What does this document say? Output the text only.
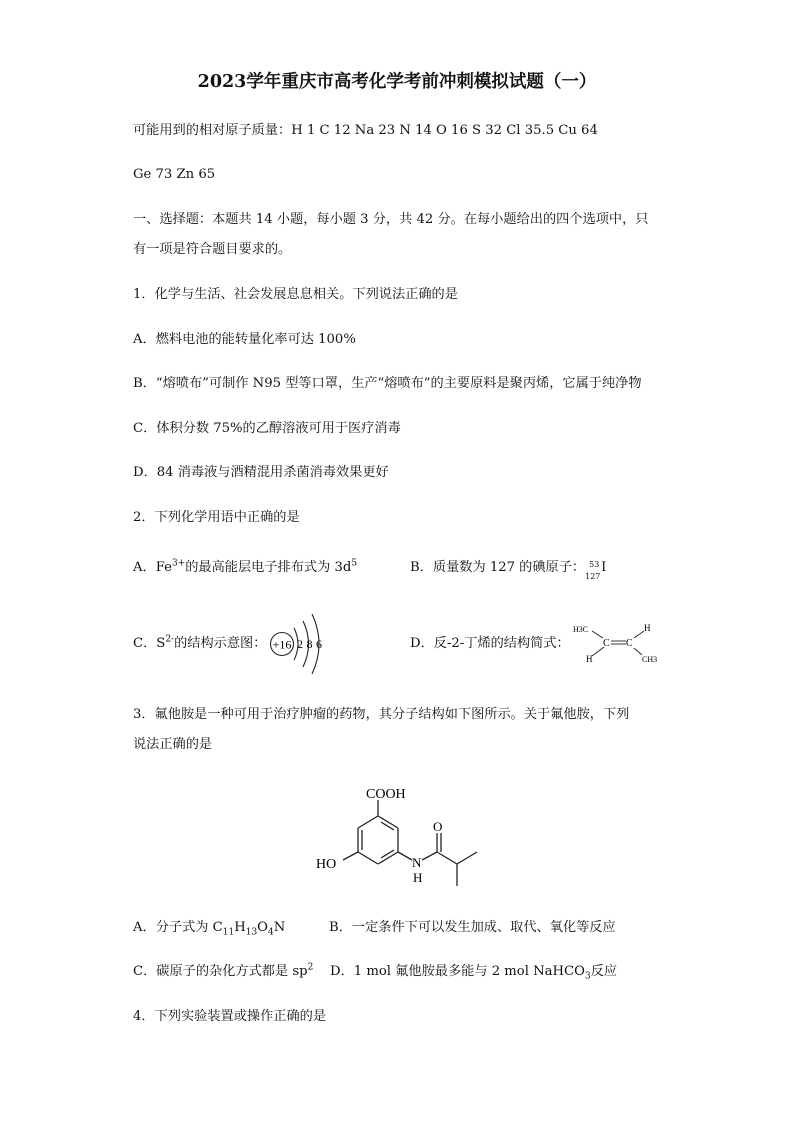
2023学年重庆市高考化学考前冲刺模拟试题（一）
可能用到的相对原子质量：H 1 C 12 Na 23 N 14 O 16 S 32 Cl 35.5 Cu 64
Ge 73 Zn 65
一、选择题：本题共 14 小题，每小题 3 分，共 42 分。在每小题给出的四个选项中，只
有一项是符合题目要求的。
1．化学与生活、社会发展息息相关。下列说法正确的是
A．燃料电池的能转量化率可达 100%
B．“熔喷布”可制作 N95 型等口罩，生产“熔喷布”的主要原料是聚丙烯，它属于纯净物
C．体积分数 75%的乙醇溶液可用于医疗消毒
D．84 消毒液与酒精混用杀菌消毒效果更好
2．下列化学用语中正确的是
A．$Fe^{3+}$的最高能层电子排布式为 $3d^5$	B．质量数为 127 的碘原子： 53
127
I
C．$S^{2-}$的结构示意图： +16 2 8 6	D．反-2-丁烯的结构简式：
H3C
C C
H
H
CH3
3．氟他胺是一种可用于治疗肿瘤的药物，其分子结构如下图所示。关于氟他胺，下列
说法正确的是
COOH
HO
O
N
H
A．分子式为 $C_{11}H_{13}O_4N$	B．一定条件下可以发生加成、取代、氧化等反应
C．碳原子的杂化方式都是 $sp^2$ D．1 mol 氟他胺最多能与 2 mol NaHCO$_3$反应
4．下列实验装置或操作正确的是
